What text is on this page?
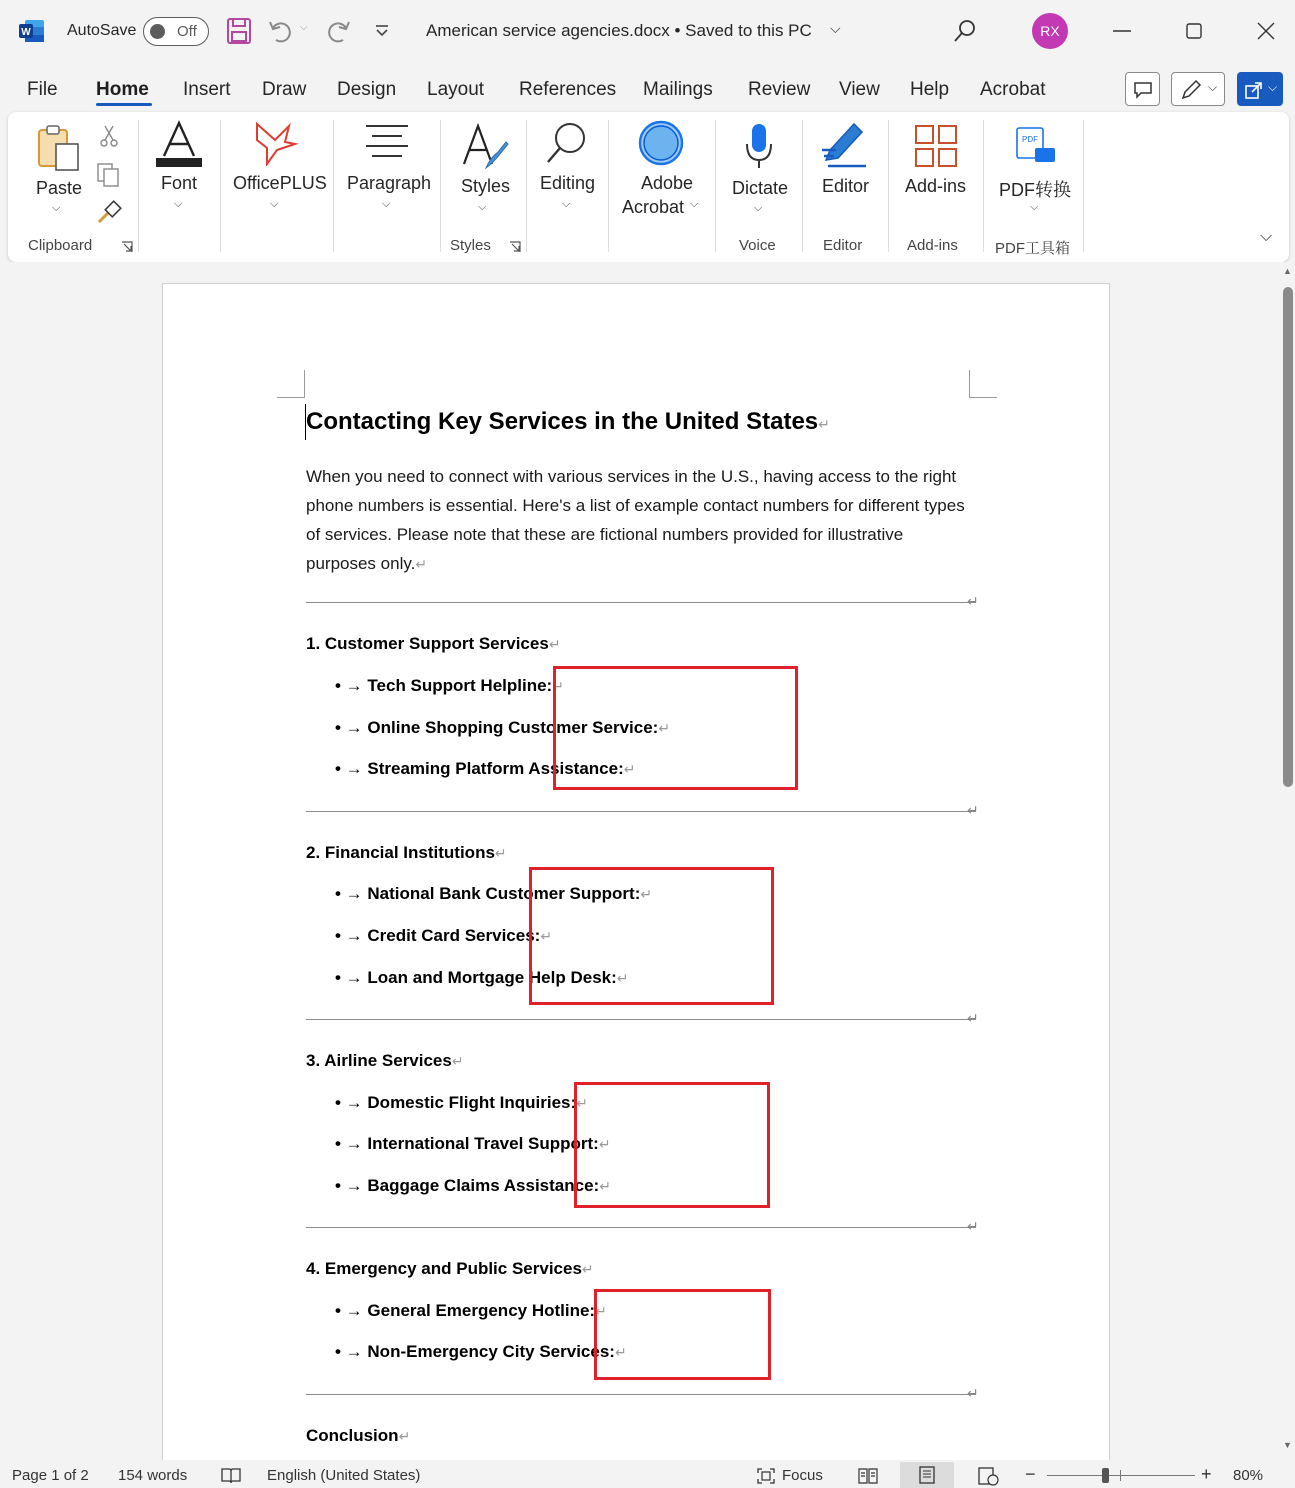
W AutoSave	Off	⌵	American service agencies.docx • Saved to this PC ⌵	RX
File Home Insert Draw Design Layout References Mailings Review View Help Acrobat	⌵	⌵
Paste
⌵
Clipboard
Font
⌵
OfficePLUS
⌵
Paragraph
⌵
Styles
⌵
Styles
Editing
⌵
Adobe
Acrobat ⌵
Dictate
⌵
Voice
Editor
Editor
Add-ins
Add-ins
PDF
PDF转换
⌵
PDF工具箱
⌵
Contacting Key Services in the United States↵
When you need to connect with various services in the U.S., having access to the right phone numbers is essential. Here's a list of example contact numbers for different types of services. Please note that these are fictional numbers provided for illustrative purposes only.↵
↵
1. Customer Support Services↵
• → Tech Support Helpline:↵
• → Online Shopping Customer Service:↵
• → Streaming Platform Assistance:↵
↵
2. Financial Institutions↵
• → National Bank Customer Support:↵
• → Credit Card Services:↵
• → Loan and Mortgage Help Desk:↵
↵
3. Airline Services↵
• → Domestic Flight Inquiries:↵
• → International Travel Support:↵
• → Baggage Claims Assistance:↵
↵
4. Emergency and Public Services↵
• → General Emergency Hotline:↵
• → Non-Emergency City Services:↵
↵
Conclusion↵
▲
▼
Page 1 of 2 154 words	English (United States)	Focus	−	+ 80%
